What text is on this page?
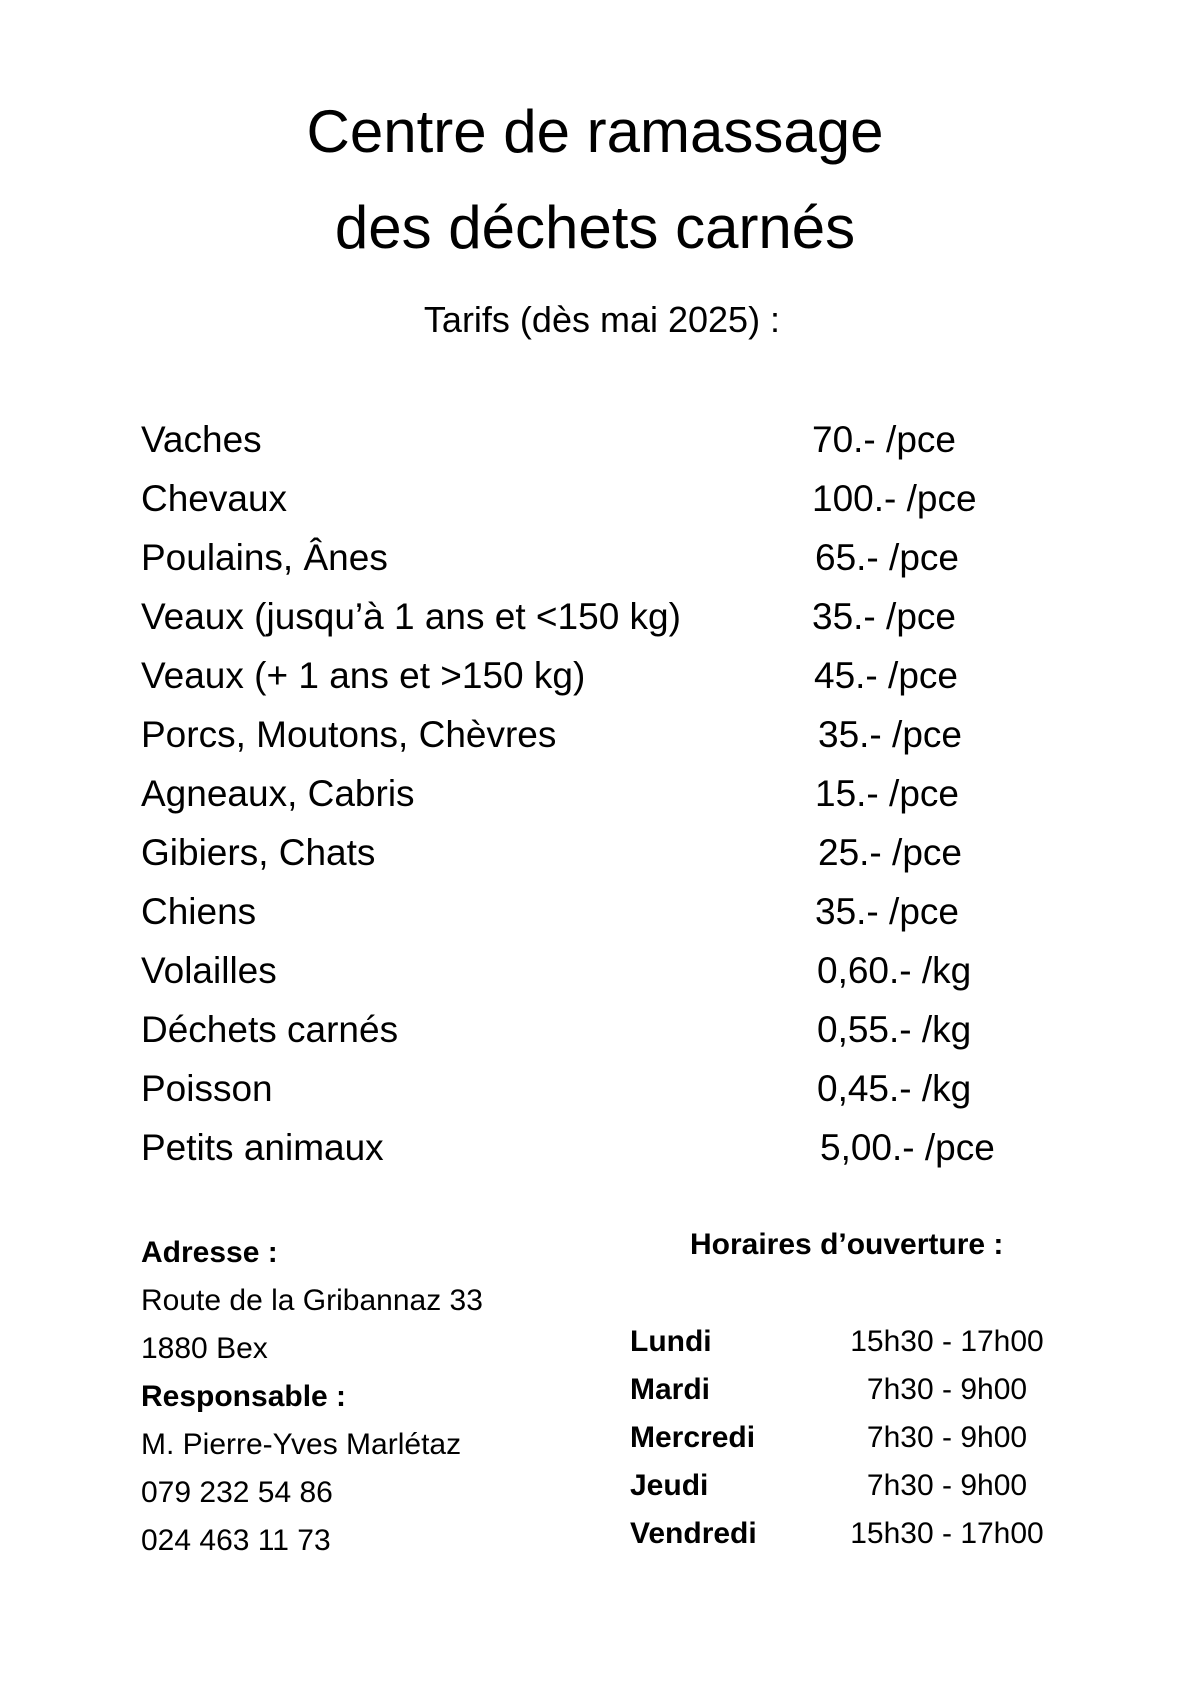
Centre de ramassage
des déchets carnés
Tarifs (dès mai 2025) :
Vaches	70.- /pce
Chevaux	100.- /pce
Poulains, Ânes	65.- /pce
Veaux (jusqu’à 1 ans et <150 kg)	35.- /pce
Veaux (+ 1 ans et >150 kg)	45.- /pce
Porcs, Moutons, Chèvres	35.- /pce
Agneaux, Cabris	15.- /pce
Gibiers, Chats	25.- /pce
Chiens	35.- /pce
Volailles	0,60.- /kg
Déchets carnés	0,55.- /kg
Poisson	0,45.- /kg
Petits animaux	5,00.- /pce
Adresse :
Route de la Gribannaz 33
1880 Bex
Responsable :
M. Pierre-Yves Marlétaz
079 232 54 86
024 463 11 73
Horaires d’ouverture :
Lundi	15h30 - 17h00
Mardi	7h30 - 9h00
Mercredi	7h30 - 9h00
Jeudi	7h30 - 9h00
Vendredi	15h30 - 17h00
